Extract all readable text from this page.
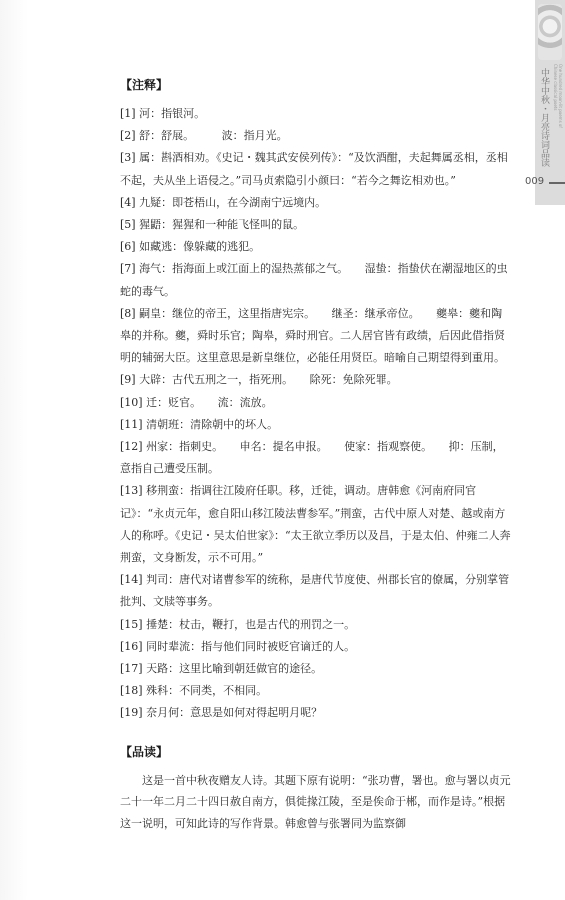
One hundred moon-lit poems of Chinese classical poets
中华中秋・月亮诗词品读
009
【注释】

[1] 河：指银河。

[2] 舒：舒展。　　　波：指月光。

[3] 属：斟酒相劝。《史记・魏其武安侯列传》：“及饮酒酣，夫起舞属丞相，丞相不起，夫从坐上语侵之。”司马贞索隐引小颜曰：“若今之舞讫相劝也。”

[4] 九疑：即苍梧山，在今湖南宁远境内。

[5] 猩鼯：猩猩和一种能飞怪叫的鼠。

[6] 如藏逃：像躲藏的逃犯。

[7] 海气：指海面上或江面上的湿热蒸郁之气。　　湿蛰：指蛰伏在潮湿地区的虫蛇的毒气。

[8] 嗣皇：继位的帝王，这里指唐宪宗。　　继圣：继承帝位。　　夔皋：夔和陶皋的并称。夔，舜时乐官；陶皋，舜时刑官。二人居官皆有政绩，后因此借指贤明的辅弼大臣。这里意思是新皇继位，必能任用贤臣。暗喻自己期望得到重用。

[9] 大辟：古代五刑之一，指死刑。　　除死：免除死罪。

[10] 迁：贬官。　　流：流放。

[11] 清朝班：清除朝中的坏人。

[12] 州家：指刺史。　　申名：提名申报。　　使家：指观察使。　　抑：压制，意指自己遭受压制。

[13] 移荆蛮：指调往江陵府任职。移，迁徙，调动。唐韩愈《河南府同官记》：“永贞元年，愈自阳山移江陵法曹参军。”荆蛮，古代中原人对楚、越或南方人的称呼。《史记・吴太伯世家》：“太王欲立季历以及昌，于是太伯、仲雍二人奔荆蛮，文身断发，示不可用。”

[14] 判司：唐代对诸曹参军的统称，是唐代节度使、州郡长官的僚属，分别掌管批判、文牍等事务。

[15] 捶楚：杖击，鞭打，也是古代的刑罚之一。

[16] 同时辈流：指与他们同时被贬官谪迁的人。

[17] 天路：这里比喻到朝廷做官的途径。

[18] 殊科：不同类，不相同。

[19] 奈月何：意思是如何对得起明月呢？

【品读】

这是一首中秋夜赠友人诗。其题下原有说明：“张功曹，署也。愈与署以贞元二十一年二月二十四日赦自南方，俱徙掾江陵，至是俟命于郴，而作是诗。”根据这一说明，可知此诗的写作背景。韩愈曾与张署同为监察御
